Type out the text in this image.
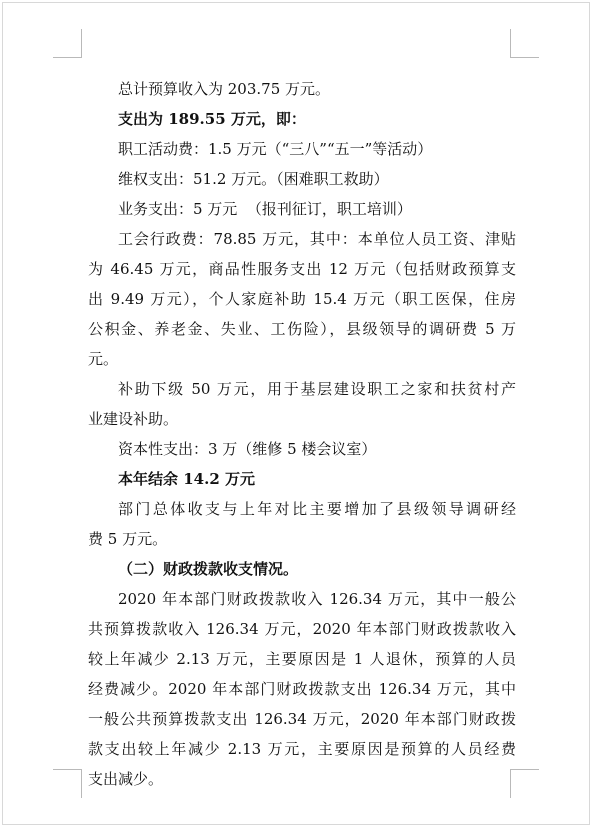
总计预算收入为 203.75 万元。
支出为 189.55 万元，即：
职工活动费：1.5 万元（“三八”“五一”等活动）
维权支出：51.2 万元。（困难职工救助）
业务支出：5 万元  （报刊征订，职工培训）
工会行政费：78.85 万元，其中：本单位人员工资、津贴
为 46.45 万元，商品性服务支出 12 万元（包括财政预算支
出 9.49 万元），个人家庭补助 15.4 万元（职工医保，住房
公积金、养老金、失业、工伤险），县级领导的调研费 5 万
元。
补助下级 50 万元，用于基层建设职工之家和扶贫村产
业建设补助。
资本性支出：3 万（维修 5 楼会议室）
本年结余 14.2 万元
部门总体收支与上年对比主要增加了县级领导调研经
费 5 万元。
（二）财政拨款收支情况。
2020 年本部门财政拨款收入 126.34 万元，其中一般公
共预算拨款收入 126.34 万元，2020 年本部门财政拨款收入
较上年减少 2.13 万元，主要原因是 1 人退休，预算的人员
经费减少。2020 年本部门财政拨款支出 126.34 万元，其中
一般公共预算拨款支出 126.34 万元，2020 年本部门财政拨
款支出较上年减少 2.13 万元，主要原因是预算的人员经费
支出减少。
